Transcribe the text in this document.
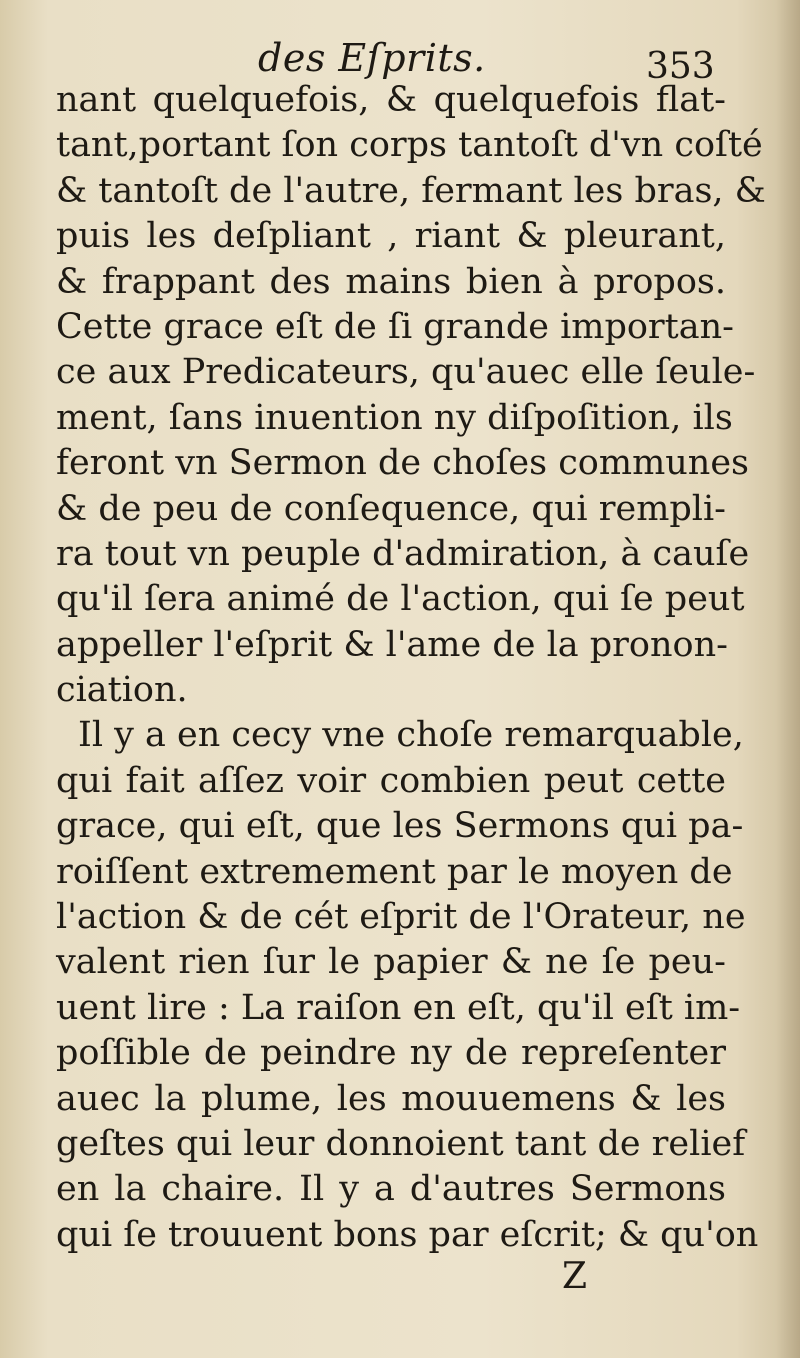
des Eſprits.	353
nant quelquefois, & quelquefois flat-
tant,portant ſon corps tantoſt d'vn coſté
& tantoſt de l'autre, fermant les bras, &
puis les deſpliant , riant & pleurant,
& frappant des mains bien à propos.
Cette grace eſt de ſi grande importan-
ce aux Predicateurs, qu'auec elle ſeule-
ment, ſans inuention ny diſpoſition, ils
feront vn Sermon de choſes communes
& de peu de conſequence, qui rempli-
ra tout vn peuple d'admiration, à cauſe
qu'il ſera animé de l'action, qui ſe peut
appeller l'eſprit & l'ame de la pronon-
ciation.
Il y a en cecy vne choſe remarquable,
qui fait aſſez voir combien peut cette
grace, qui eſt, que les Sermons qui pa-
roiſſent extremement par le moyen de
l'action & de cét eſprit de l'Orateur, ne
valent rien ſur le papier & ne ſe peu-
uent lire : La raiſon en eſt, qu'il eſt im-
poſſible de peindre ny de repreſenter
auec la plume, les mouuemens & les
geſtes qui leur donnoient tant de relief
en la chaire. Il y a d'autres Sermons
qui ſe trouuent bons par eſcrit; & qu'on
Z
